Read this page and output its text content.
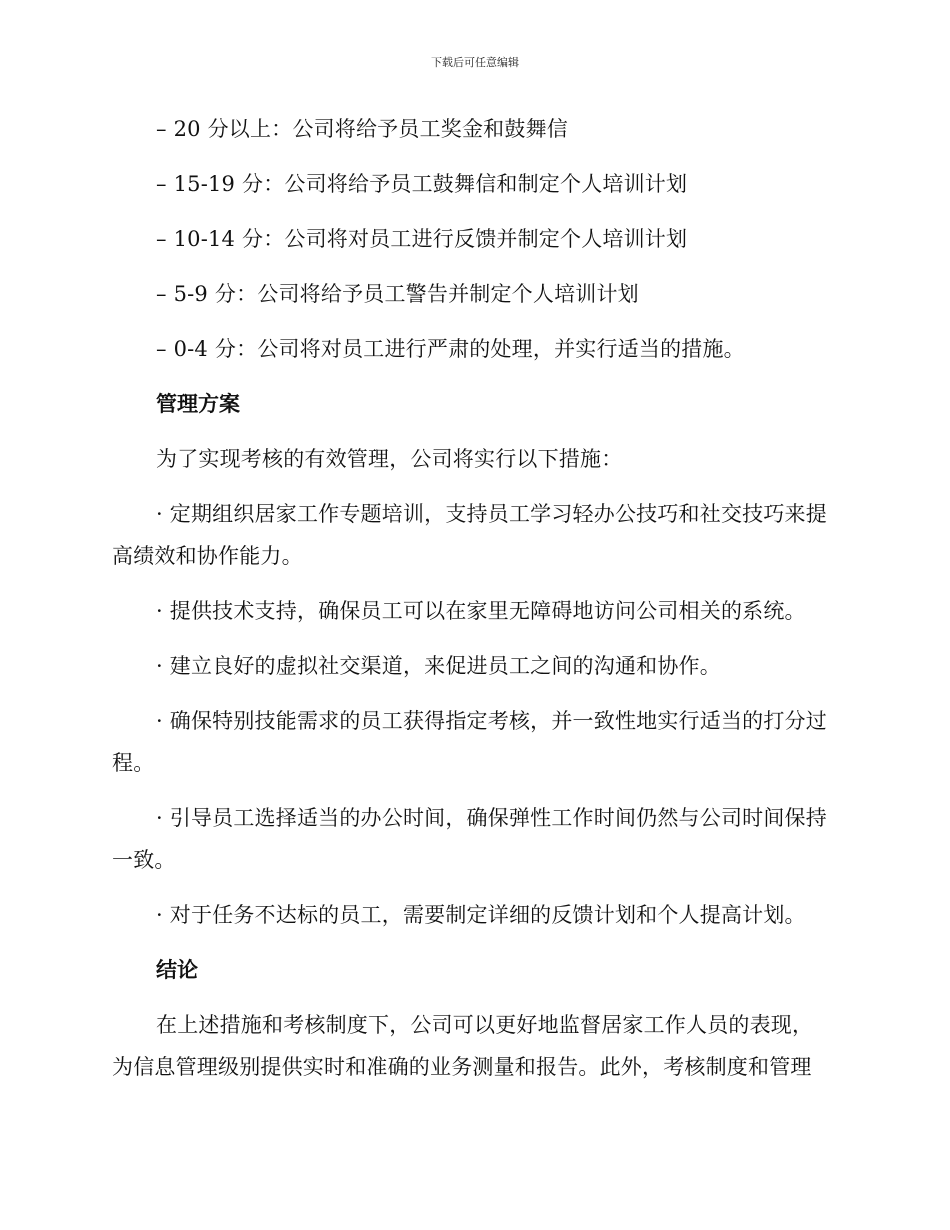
下载后可任意编辑

– 20 分以上：公司将给予员工奖金和鼓舞信

– 15-19 分：公司将给予员工鼓舞信和制定个人培训计划

– 10-14 分：公司将对员工进行反馈并制定个人培训计划

– 5-9 分：公司将给予员工警告并制定个人培训计划

– 0-4 分：公司将对员工进行严肃的处理，并实行适当的措施。

管理方案

为了实现考核的有效管理，公司将实行以下措施：

· 定期组织居家工作专题培训，支持员工学习轻办公技巧和社交技巧来提高绩效和协作能力。

· 提供技术支持，确保员工可以在家里无障碍地访问公司相关的系统。

· 建立良好的虚拟社交渠道，来促进员工之间的沟通和协作。

· 确保特别技能需求的员工获得指定考核，并一致性地实行适当的打分过程。

· 引导员工选择适当的办公时间，确保弹性工作时间仍然与公司时间保持一致。

· 对于任务不达标的员工，需要制定详细的反馈计划和个人提高计划。

结论

在上述措施和考核制度下，公司可以更好地监督居家工作人员的表现，为信息管理级别提供实时和准确的业务测量和报告。此外，考核制度和管理
